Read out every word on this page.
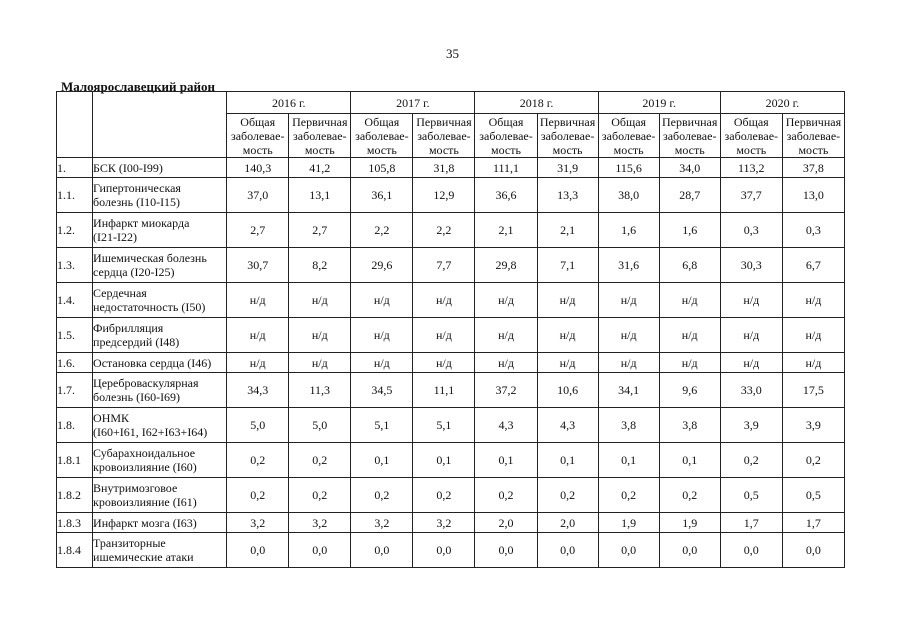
35
Малоярославецкий район
		2016 г.		2017 г.		2018 г.		2019 г.		2020 г.	
		Общая
заболевае-
мость	Первичная
заболевае-
мость	Общая
заболевае-
мость	Первичная
заболевае-
мость	Общая
заболевае-
мость	Первичная
заболевае-
мость	Общая
заболевае-
мость	Первичная
заболевае-
мость	Общая
заболевае-
мость	Первичная
заболевае-
мость
1.	БСК (I00-I99)	140,3	41,2	105,8	31,8	111,1	31,9	115,6	34,0	113,2	37,8
1.1.	Гипертоническая
болезнь (I10-I15)	37,0	13,1	36,1	12,9	36,6	13,3	38,0	28,7	37,7	13,0
1.2.	Инфаркт миокарда
(I21-I22)	2,7	2,7	2,2	2,2	2,1	2,1	1,6	1,6	0,3	0,3
1.3.	Ишемическая болезнь
сердца (I20-I25)	30,7	8,2	29,6	7,7	29,8	7,1	31,6	6,8	30,3	6,7
1.4.	Сердечная
недостаточность (I50)	н/д	н/д	н/д	н/д	н/д	н/д	н/д	н/д	н/д	н/д
1.5.	Фибрилляция
предсердий (I48)	н/д	н/д	н/д	н/д	н/д	н/д	н/д	н/д	н/д	н/д
1.6.	Остановка сердца (I46)	н/д	н/д	н/д	н/д	н/д	н/д	н/д	н/д	н/д	н/д
1.7.	Цереброваскулярная
болезнь (I60-I69)	34,3	11,3	34,5	11,1	37,2	10,6	34,1	9,6	33,0	17,5
1.8.	ОНМК
(I60+I61, I62+I63+I64)	5,0	5,0	5,1	5,1	4,3	4,3	3,8	3,8	3,9	3,9
1.8.1	Субарахноидальное
кровоизлияние (I60)	0,2	0,2	0,1	0,1	0,1	0,1	0,1	0,1	0,2	0,2
1.8.2	Внутримозговое
кровоизлияние (I61)	0,2	0,2	0,2	0,2	0,2	0,2	0,2	0,2	0,5	0,5
1.8.3	Инфаркт мозга (I63)	3,2	3,2	3,2	3,2	2,0	2,0	1,9	1,9	1,7	1,7
1.8.4	Транзиторные
ишемические атаки	0,0	0,0	0,0	0,0	0,0	0,0	0,0	0,0	0,0	0,0
